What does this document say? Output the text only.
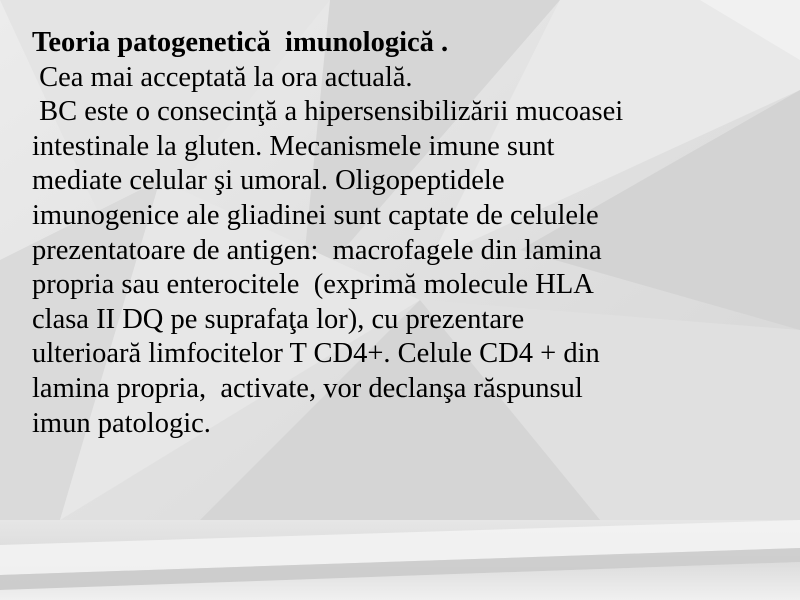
Teoria patogenetică  imunologică .

Cea mai acceptată la ora actuală.

BC este o consecinţă a hipersensibilizării mucoasei

intestinale la gluten. Mecanismele imune sunt

mediate celular şi umoral. Oligopeptidele

imunogenice ale gliadinei sunt captate de celulele

prezentatoare de antigen:  macrofagele din lamina

propria sau enterocitele  (exprimă molecule HLA

clasa II DQ pe suprafaţa lor), cu prezentare

ulterioară limfocitelor T CD4+. Celule CD4 + din

lamina propria,  activate, vor declanşa răspunsul

imun patologic.
